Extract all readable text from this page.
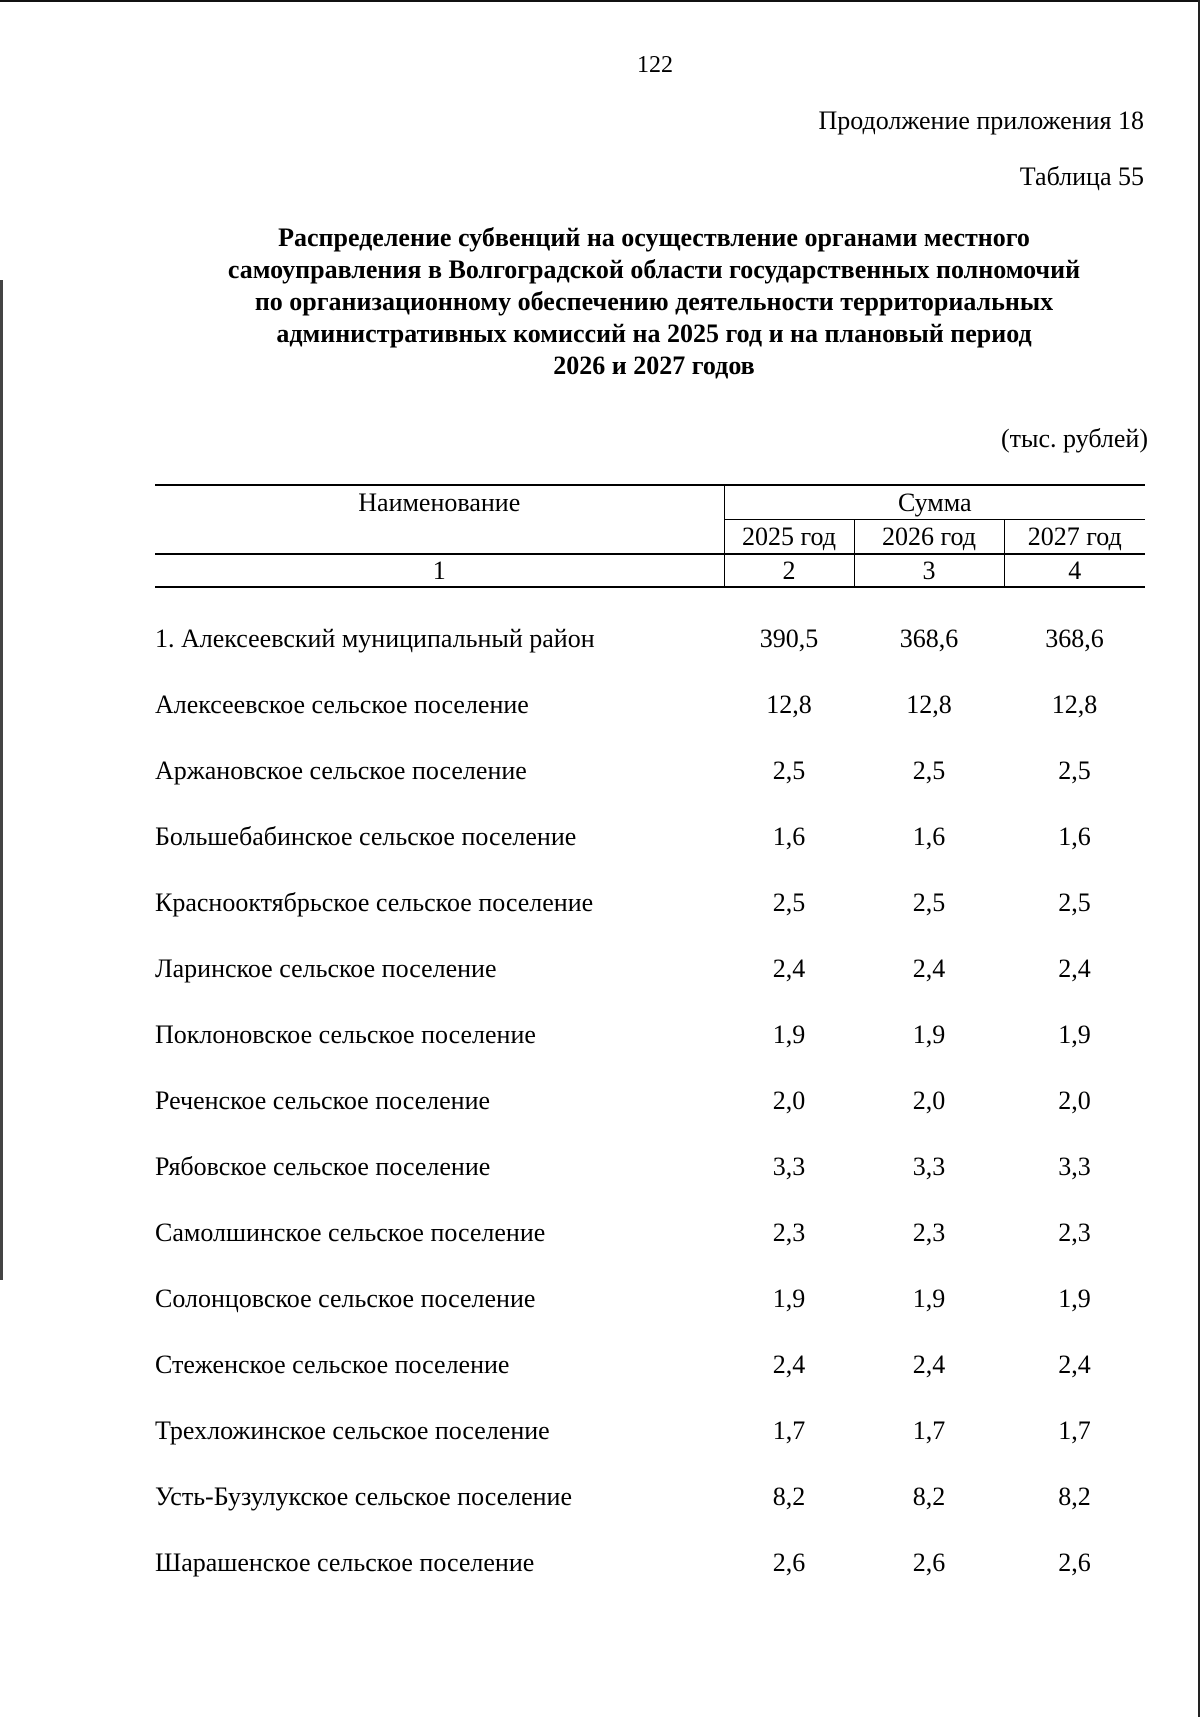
122
Продолжение приложения 18
Таблица 55
Распределение субвенций на осуществление органами местного
самоуправления в Волгоградской области государственных полномочий
по организационному обеспечению деятельности территориальных
административных комиссий на 2025 год и на плановый период
2026 и 2027 годов
(тыс. рублей)
Наименование	Сумма		
	2025 год	2026 год	2027 год
1	2	3	4

1. Алексеевский муниципальный район	390,5	368,6	368,6
Алексеевское сельское поселение	12,8	12,8	12,8
Аржановское сельское поселение	2,5	2,5	2,5
Большебабинское сельское поселение	1,6	1,6	1,6
Краснооктябрьское сельское поселение	2,5	2,5	2,5
Ларинское сельское поселение	2,4	2,4	2,4
Поклоновское сельское поселение	1,9	1,9	1,9
Реченское сельское поселение	2,0	2,0	2,0
Рябовское сельское поселение	3,3	3,3	3,3
Самолшинское сельское поселение	2,3	2,3	2,3
Солонцовское сельское поселение	1,9	1,9	1,9
Стеженское сельское поселение	2,4	2,4	2,4
Трехложинское сельское поселение	1,7	1,7	1,7
Усть-Бузулукское сельское поселение	8,2	8,2	8,2
Шарашенское сельское поселение	2,6	2,6	2,6
